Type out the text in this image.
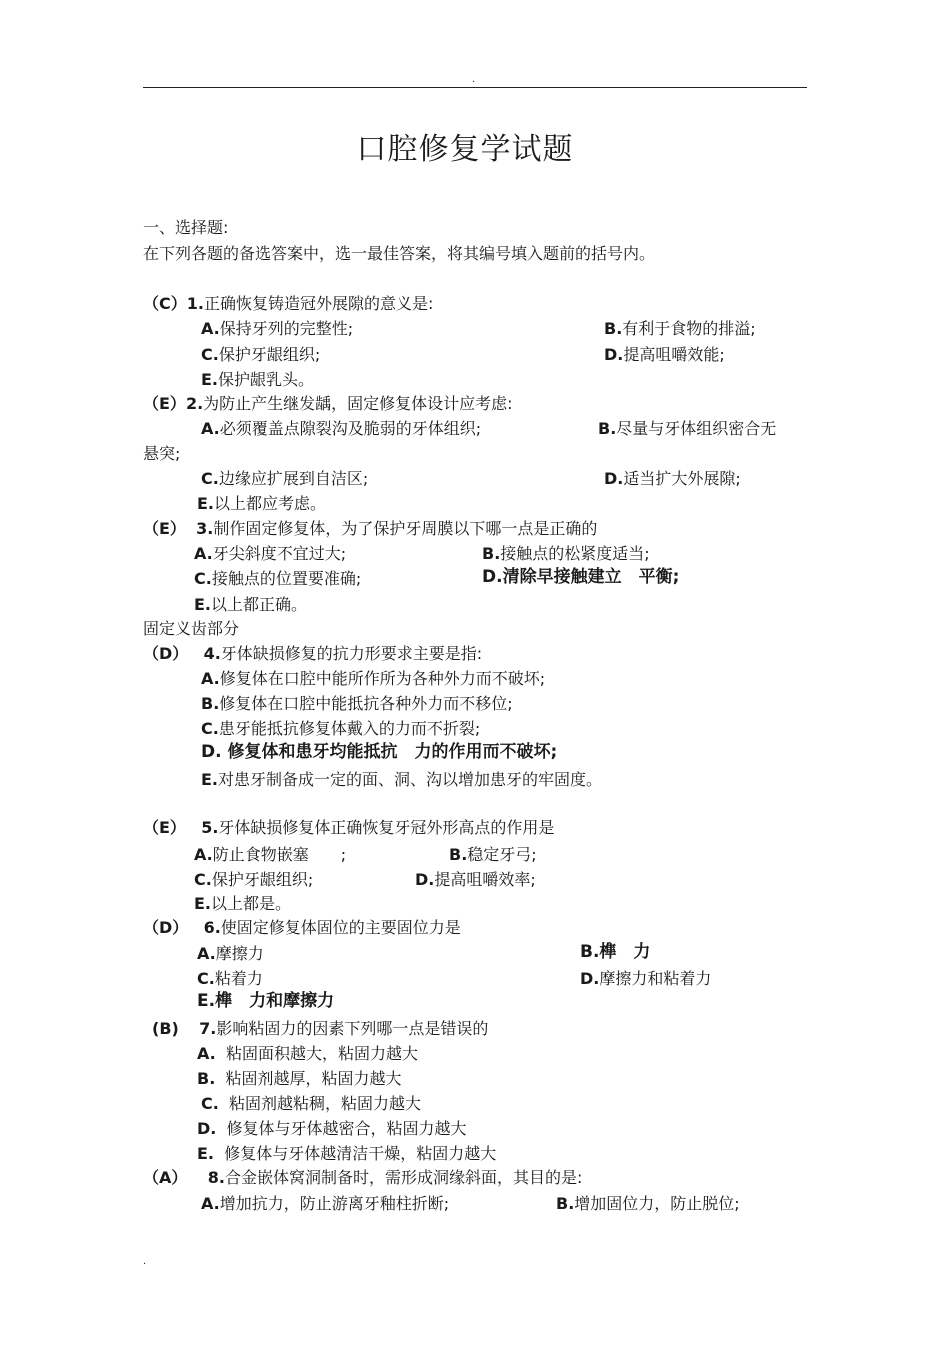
.
口腔修复学试题
一、选择题:
在下列各题的备选答案中，选一最佳答案，将其编号填入题前的括号内。
（C）1.正确恢复铸造冠外展隙的意义是:
A.保持牙列的完整性;	B.有利于食物的排溢;
C.保护牙龈组织;	D.提高咀嚼效能;
E.保护龈乳头。
（E）2.为防止产生继发龋，固定修复体设计应考虑:
A.必须覆盖点隙裂沟及脆弱的牙体组织;	B.尽量与牙体组织密合无
悬突;
C.边缘应扩展到自洁区;	D.适当扩大外展隙;
E.以上都应考虑。
（E） 3.制作固定修复体，为了保护牙周膜以下哪一点是正确的
A.牙尖斜度不宜过大;	B.接触点的松紧度适当;
C.接触点的位置要准确;	D.清除早接触建立　平衡;
E.以上都正确。
固定义齿部分
（D） 4.牙体缺损修复的抗力形要求主要是指:
A.修复体在口腔中能所作所为各种外力而不破坏;
B.修复体在口腔中能抵抗各种外力而不移位;
C.患牙能抵抗修复体戴入的力而不折裂;
D. 修复体和患牙均能抵抗　力的作用而不破坏;
E.对患牙制备成一定的面、洞、沟以增加患牙的牢固度。
（E） 5.牙体缺损修复体正确恢复牙冠外形高点的作用是
A.防止食物嵌塞　　;	B.稳定牙弓;
C.保护牙龈组织;	D.提高咀嚼效率;
E.以上都是。
（D） 6.使固定修复体固位的主要固位力是
A.摩擦力	B.榫　力
C.粘着力	D.摩擦力和粘着力
E.榫　力和摩擦力
(B) 7.影响粘固力的因素下列哪一点是错误的
A. 粘固面积越大，粘固力越大
B. 粘固剂越厚，粘固力越大
C. 粘固剂越粘稠，粘固力越大
D. 修复体与牙体越密合，粘固力越大
E. 修复体与牙体越清洁干燥，粘固力越大
（A） 8.合金嵌体窝洞制备时，需形成洞缘斜面，其目的是:
A.增加抗力，防止游离牙釉柱折断;	B.增加固位力，防止脱位;
.
